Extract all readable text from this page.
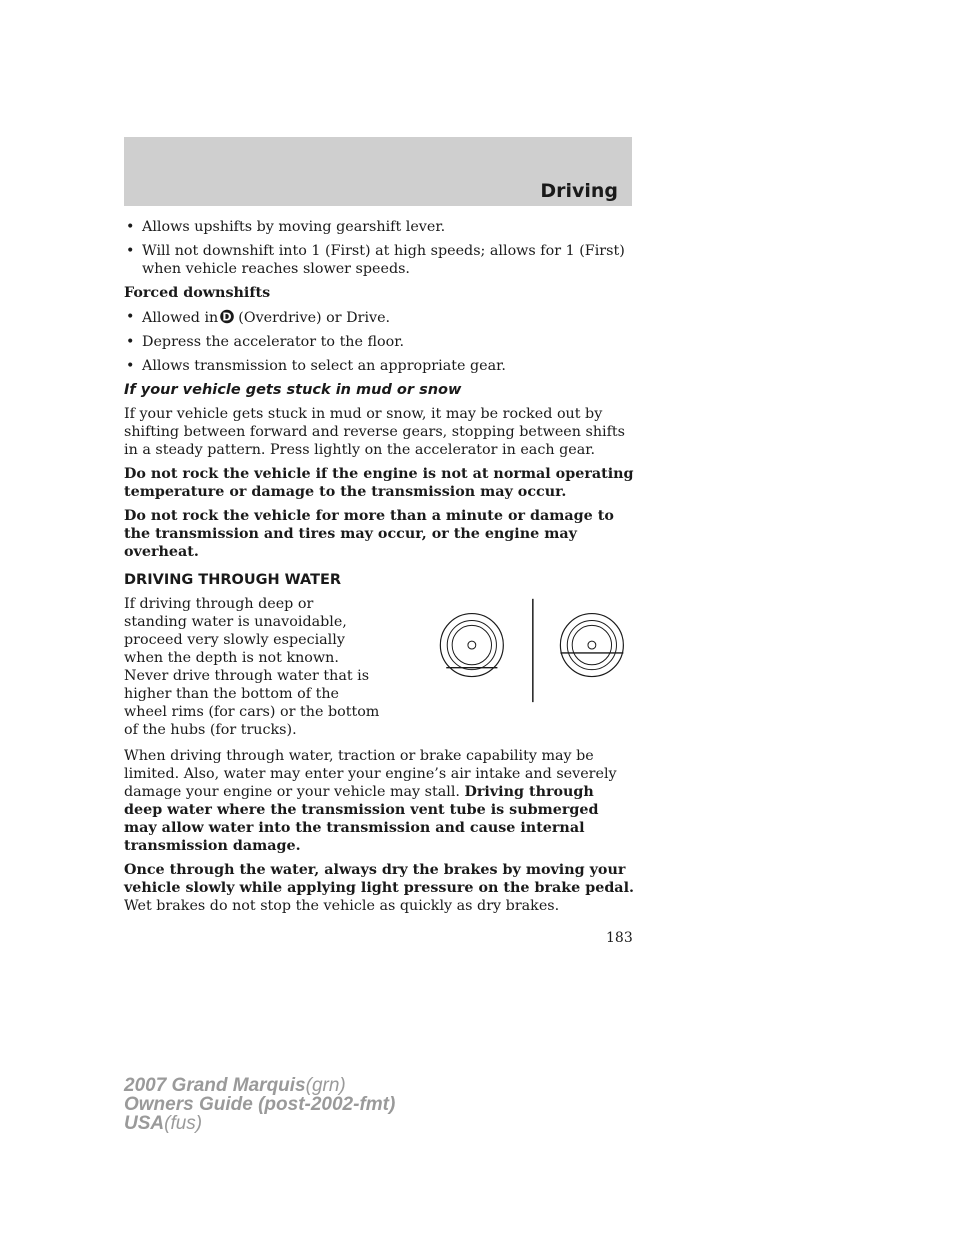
Driving
• Allows upshifts by moving gearshift lever.
• Will not downshift into 1 (First) at high speeds; allows for 1 (First) when vehicle reaches slower speeds.
Forced downshifts
• Allowed in D (Overdrive) or Drive.
• Depress the accelerator to the floor.
• Allows transmission to select an appropriate gear.
If your vehicle gets stuck in mud or snow

If your vehicle gets stuck in mud or snow, it may be rocked out by shifting between forward and reverse gears, stopping between shifts in a steady pattern. Press lightly on the accelerator in each gear.

Do not rock the vehicle if the engine is not at normal operating temperature or damage to the transmission may occur.

Do not rock the vehicle for more than a minute or damage to the transmission and tires may occur, or the engine may overheat.

DRIVING THROUGH WATER
If driving through deep or standing water is unavoidable, proceed very slowly especially when the depth is not known. Never drive through water that is higher than the bottom of the wheel rims (for cars) or the bottom of the hubs (for trucks).

When driving through water, traction or brake capability may be limited. Also, water may enter your engine’s air intake and severely damage your engine or your vehicle may stall. Driving through deep water where the transmission vent tube is submerged may allow water into the transmission and cause internal transmission damage.

Once through the water, always dry the brakes by moving your vehicle slowly while applying light pressure on the brake pedal.
Wet brakes do not stop the vehicle as quickly as dry brakes.

183
2007 Grand Marquis(grn)
Owners Guide (post-2002-fmt)
USA(fus)
